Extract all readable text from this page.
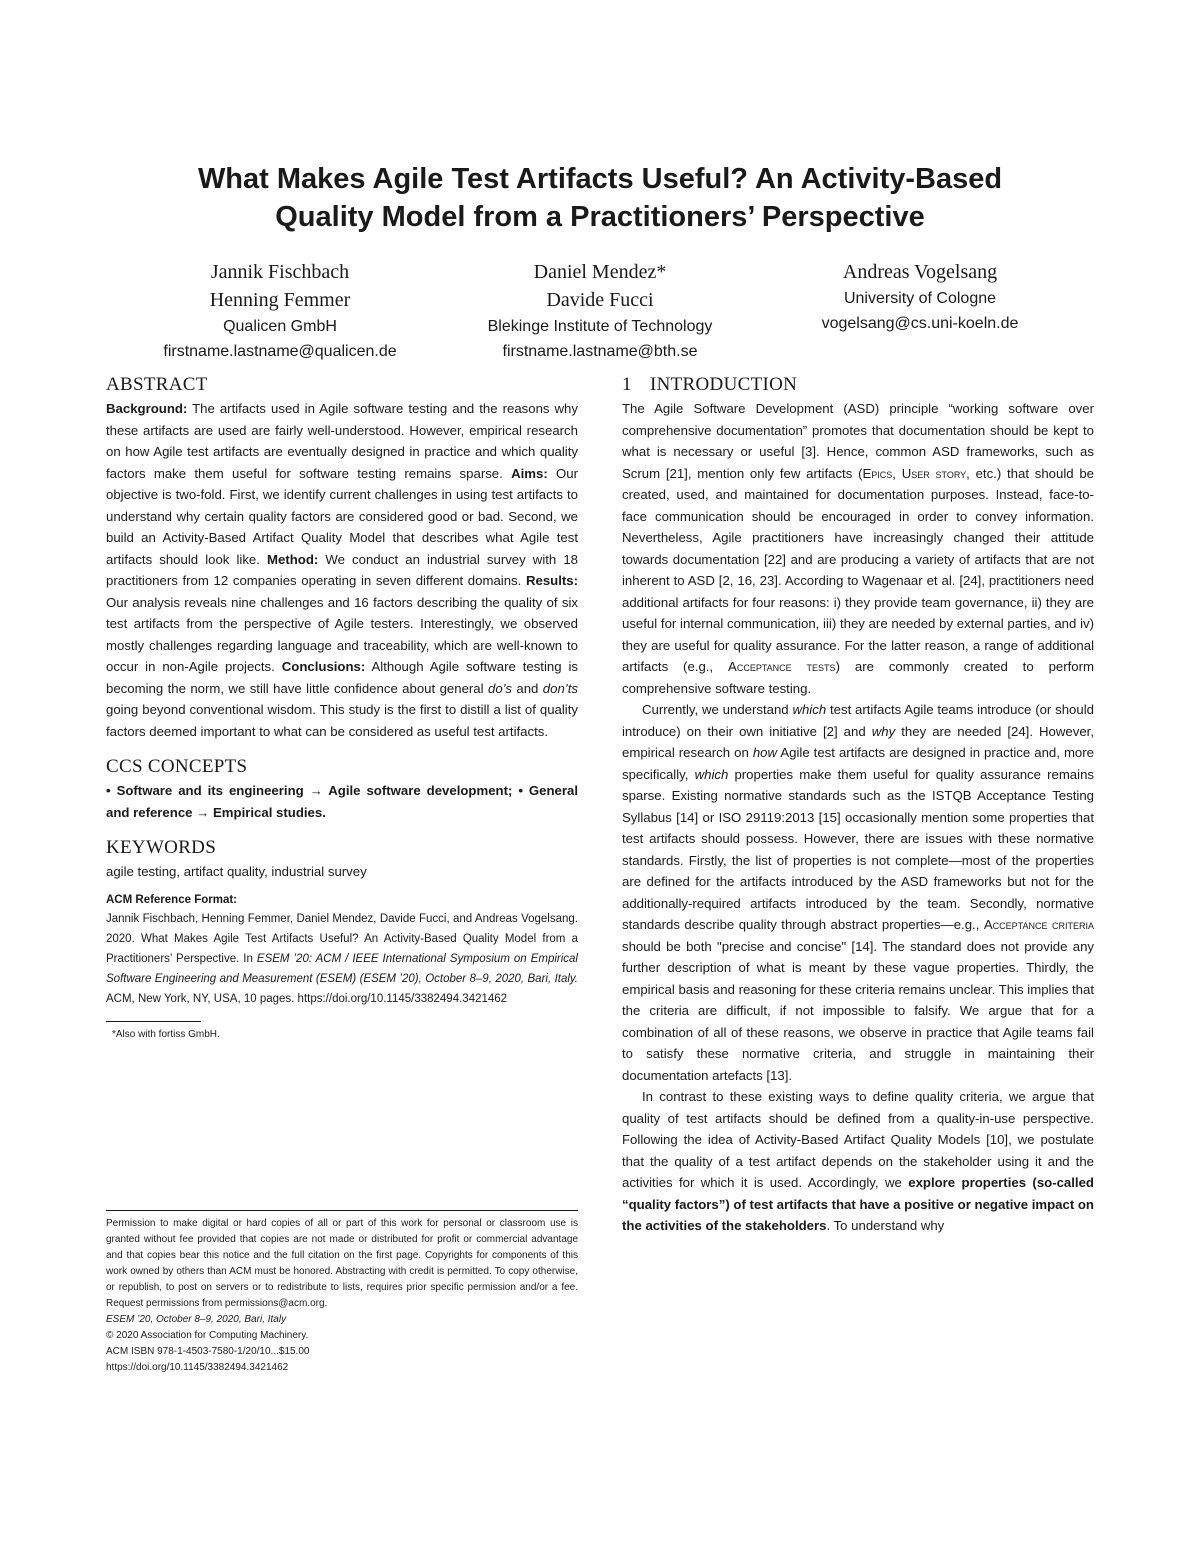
What Makes Agile Test Artifacts Useful? An Activity-Based
Quality Model from a Practitioners’ Perspective
Jannik Fischbach
Henning Femmer
Qualicen GmbH
firstname.lastname@qualicen.de
Daniel Mendez*
Davide Fucci
Blekinge Institute of Technology
firstname.lastname@bth.se
Andreas Vogelsang
University of Cologne
vogelsang@cs.uni-koeln.de
ABSTRACT

Background: The artifacts used in Agile software testing and the reasons why these artifacts are used are fairly well-understood. However, empirical research on how Agile test artifacts are eventually designed in practice and which quality factors make them useful for software testing remains sparse. Aims: Our objective is two-fold. First, we identify current challenges in using test artifacts to understand why certain quality factors are considered good or bad. Second, we build an Activity-Based Artifact Quality Model that describes what Agile test artifacts should look like. Method: We conduct an industrial survey with 18 practitioners from 12 companies operating in seven different domains. Results: Our analysis reveals nine challenges and 16 factors describing the quality of six test artifacts from the perspective of Agile testers. Interestingly, we observed mostly challenges regarding language and traceability, which are well-known to occur in non-Agile projects. Conclusions: Although Agile software testing is becoming the norm, we still have little confidence about general do’s and don’ts going beyond conventional wisdom. This study is the first to distill a list of quality factors deemed important to what can be considered as useful test artifacts.

CCS CONCEPTS
• Software and its engineering → Agile software development; • General and reference → Empirical studies.
KEYWORDS

agile testing, artifact quality, industrial survey

ACM Reference Format:
Jannik Fischbach, Henning Femmer, Daniel Mendez, Davide Fucci, and Andreas Vogelsang. 2020. What Makes Agile Test Artifacts Useful? An Activity-Based Quality Model from a Practitioners’ Perspective. In ESEM ’20: ACM / IEEE International Symposium on Empirical Software Engineering and Measurement (ESEM) (ESEM ’20), October 8–9, 2020, Bari, Italy. ACM, New York, NY, USA, 10 pages. https://doi.org/10.1145/3382494.3421462
*Also with fortiss GmbH.
Permission to make digital or hard copies of all or part of this work for personal or classroom use is granted without fee provided that copies are not made or distributed for profit or commercial advantage and that copies bear this notice and the full citation on the first page. Copyrights for components of this work owned by others than ACM must be honored. Abstracting with credit is permitted. To copy otherwise, or republish, to post on servers or to redistribute to lists, requires prior specific permission and/or a fee. Request permissions from permissions@acm.org.
ESEM ’20, October 8–9, 2020, Bari, Italy
© 2020 Association for Computing Machinery.
ACM ISBN 978-1-4503-7580-1/20/10...$15.00
https://doi.org/10.1145/3382494.3421462
1 INTRODUCTION

The Agile Software Development (ASD) principle “working software over comprehensive documentation” promotes that documentation should be kept to what is necessary or useful [3]. Hence, common ASD frameworks, such as Scrum [21], mention only few artifacts (Epics, User story, etc.) that should be created, used, and maintained for documentation purposes. Instead, face-to-face communication should be encouraged in order to convey information. Nevertheless, Agile practitioners have increasingly changed their attitude towards documentation [22] and are producing a variety of artifacts that are not inherent to ASD [2, 16, 23]. According to Wagenaar et al. [24], practitioners need additional artifacts for four reasons: i) they provide team governance, ii) they are useful for internal communication, iii) they are needed by external parties, and iv) they are useful for quality assurance. For the latter reason, a range of additional artifacts (e.g., Acceptance tests) are commonly created to perform comprehensive software testing.

Currently, we understand which test artifacts Agile teams introduce (or should introduce) on their own initiative [2] and why they are needed [24]. However, empirical research on how Agile test artifacts are designed in practice and, more specifically, which properties make them useful for quality assurance remains sparse. Existing normative standards such as the ISTQB Acceptance Testing Syllabus [14] or ISO 29119:2013 [15] occasionally mention some properties that test artifacts should possess. However, there are issues with these normative standards. Firstly, the list of properties is not complete—most of the properties are defined for the artifacts introduced by the ASD frameworks but not for the additionally-required artifacts introduced by the team. Secondly, normative standards describe quality through abstract properties—e.g., Acceptance criteria should be both "precise and concise" [14]. The standard does not provide any further description of what is meant by these vague properties. Thirdly, the empirical basis and reasoning for these criteria remains unclear. This implies that the criteria are difficult, if not impossible to falsify. We argue that for a combination of all of these reasons, we observe in practice that Agile teams fail to satisfy these normative criteria, and struggle in maintaining their documentation artefacts [13].

In contrast to these existing ways to define quality criteria, we argue that quality of test artifacts should be defined from a quality-in-use perspective. Following the idea of Activity-Based Artifact Quality Models [10], we postulate that the quality of a test artifact depends on the stakeholder using it and the activities for which it is used. Accordingly, we explore properties (so-called “quality factors”) of test artifacts that have a positive or negative impact on the activities of the stakeholders. To understand why
